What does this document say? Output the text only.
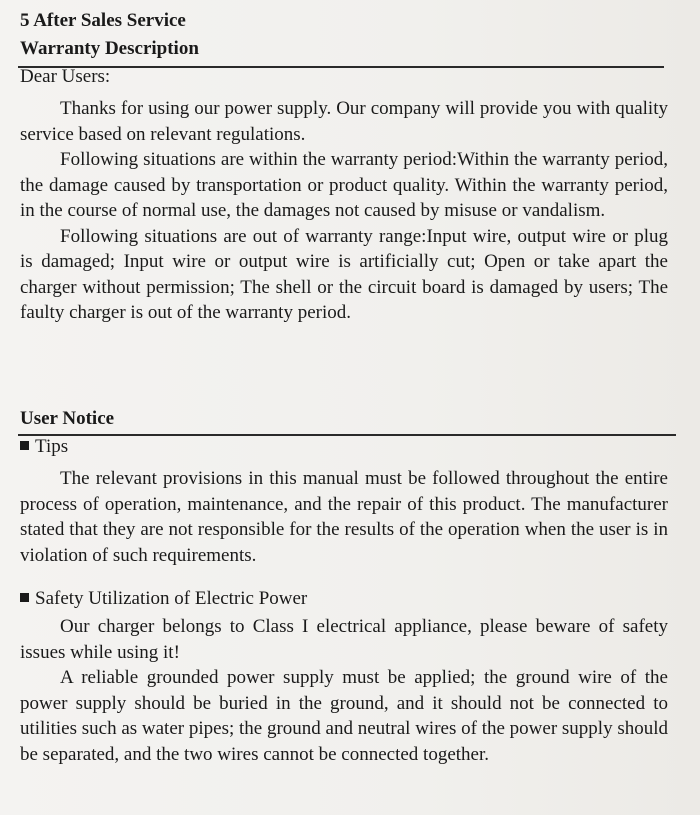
5 After Sales Service
Warranty Description
Dear Users:

Thanks for using our power supply. Our company will provide you with quality service based on relevant regulations.

Following situations are within the warranty period:Within the warranty period, the damage caused by transportation or product quality. Within the warranty period, in the course of normal use, the damages not caused by misuse or vandalism.

Following situations are out of warranty range:Input wire, output wire or plug is damaged; Input wire or output wire is artificially cut; Open or take apart the charger without permission; The shell or the circuit board is damaged by users; The faulty charger is out of the warranty period.

User Notice
Tips

The relevant provisions in this manual must be followed throughout the entire process of operation, maintenance, and the repair of this product. The manufacturer stated that they are not responsible for the results of the operation when the user is in violation of such requirements.

Safety Utilization of Electric Power

Our charger belongs to Class I electrical appliance, please beware of safety issues while using it!

A reliable grounded power supply must be applied; the ground wire of the power supply should be buried in the ground, and it should not be connected to utilities such as water pipes; the ground and neutral wires of the power supply should be separated, and the two wires cannot be connected together.
